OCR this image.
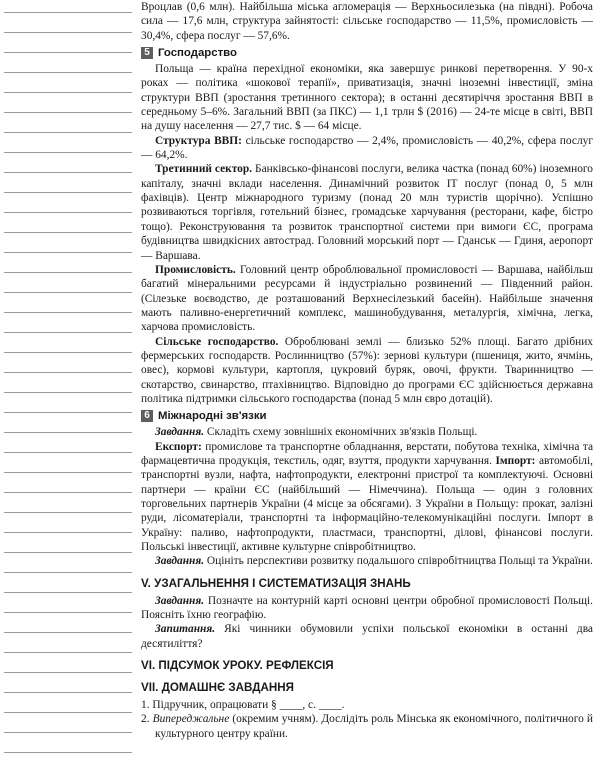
Вроцлав (0,6 млн). Найбільша міська агломерація — Верхньосилезька (на півдні). Робоча сила — 17,6 млн, структура зайнятості: сільське господарство — 11,5%, промисловість — 30,4%, сфера послуг — 57,6%.

5 Господарство

Польща — країна перехідної економіки, яка завершує ринкові перетворення. У 90-х роках — політика «шокової терапії», приватизація, значні іноземні інвестиції, зміна структури ВВП (зростання третинного сектора); в останні десятиріччя зростання ВВП в середньому 5–6%. Загальний ВВП (за ПКС) — 1,1 трлн $ (2016) — 24-те місце в світі, ВВП на душу населення — 27,7 тис. $ — 64 місце.

Структура ВВП: сільське господарство — 2,4%, промисловість — 40,2%, сфера послуг — 64,2%.

Третинний сектор. Банківсько-фінансові послуги, велика частка (понад 60%) іноземного капіталу, значні вклади населення. Динамічний розвиток ІТ послуг (понад 0, 5 млн фахівців). Центр міжнародного туризму (понад 20 млн туристів щорічно). Успішно розвиваються торгівля, готельний бізнес, громадське харчування (ресторани, кафе, бістро тощо). Реконструювання та розвиток транспортної системи при вимоги ЄС, програма будівництва швидкісних автострад. Головний морський порт — Гданськ — Гдиня, аеропорт — Варшава.

Промисловість. Головний центр оброблювальної промисловості — Варшава, найбільш багатий мінеральними ресурсами й індустріально розвинений — Південний район. (Сілезьке воєводство, де розташований Верхнесілезький басейн). Найбільше значення мають паливно-енергетичний комплекс, машинобудування, металургія, хімічна, легка, харчова промисловість.

Сільське господарство. Оброблювані землі — близько 52% площі. Багато дрібних фермерських господарств. Рослинництво (57%): зернові культури (пшениця, жито, ячмінь, овес), кормові культури, картопля, цукровий буряк, овочі, фрукти. Тваринництво — скотарство, свинарство, птахівництво. Відповідно до програми ЄС здійснюється державна політика підтримки сільського господарства (понад 5 млн євро дотацій).

6 Міжнародні зв'язки

Завдання. Складіть схему зовнішніх економічних зв'язків Польщі.

Експорт: промислове та транспортне обладнання, верстати, побутова техніка, хімічна та фармацевтична продукція, текстиль, одяг, взуття, продукти харчування. Імпорт: автомобілі, транспортні вузли, нафта, нафтопродукти, електронні пристрої та комплектуючі. Основні партнери — країни ЄС (найбільший — Німеччина). Польща — один з головних торговельних партнерів України (4 місце за обсягами). З України в Польщу: прокат, залізні руди, лісоматеріали, транспортні та інформаційно-телекомунікаційні послуги. Імпорт в Україну: паливо, нафтопродукти, пластмаси, транспортні, ділові, фінансові послуги. Польські інвестиції, активне культурне співробітництво.

Завдання. Оцініть перспективи розвитку подальшого співробітництва Польщі та України.

V. УЗАГАЛЬНЕННЯ І СИСТЕМАТИЗАЦІЯ ЗНАНЬ

Завдання. Позначте на контурній карті основні центри обробної промисловості Польщі. Поясніть їхню географію.

Запитання. Які чинники обумовили успіхи польської економіки в останні два десятиліття?

VI. ПІДСУМОК УРОКУ. РЕФЛЕКСІЯ
VII. ДОМАШНЄ ЗАВДАННЯ

1. Підручник, опрацювати § ____, с. ____.

2. Випереджальне (окремим учням). Дослідіть роль Мінська як економічного, політичного й культурного центру країни.
